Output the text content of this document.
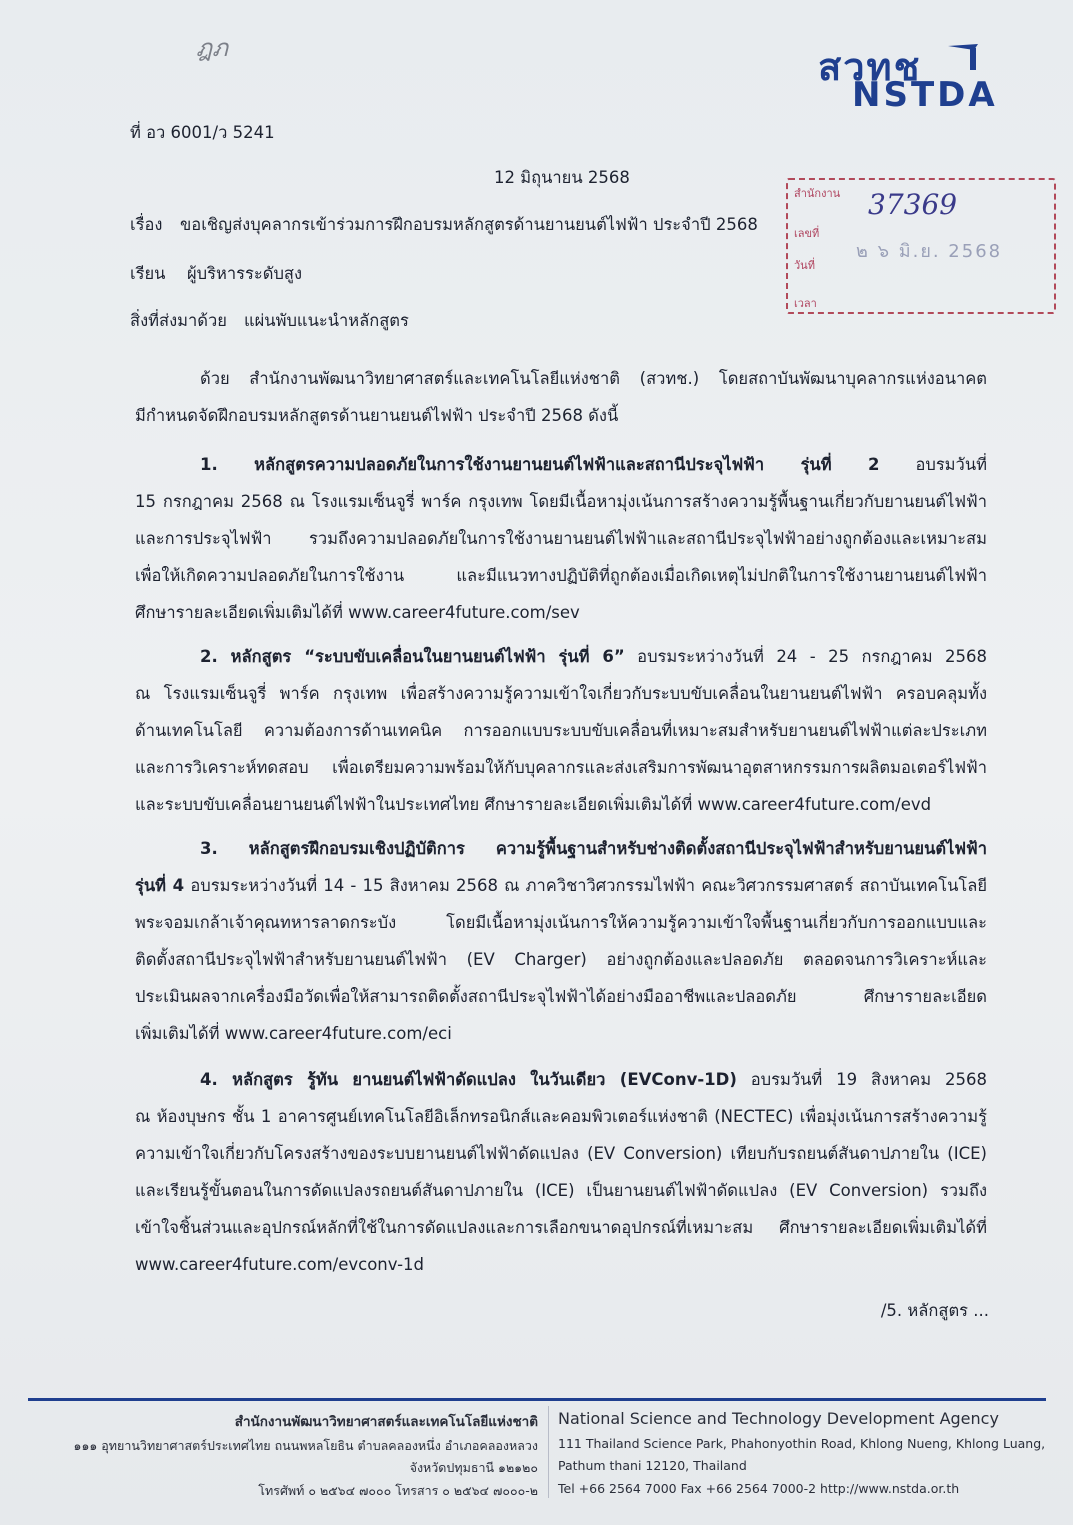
ฎภ	สวทช
NSTDA
สำนักงาน 37369
เลขที่
วันที่
๒ ๖ มิ.ย. 2568
เวลา
ที่ อว 6001/ว 5241
12 มิถุนายน 2568
เรื่อง ขอเชิญส่งบุคลากรเข้าร่วมการฝึกอบรมหลักสูตรด้านยานยนต์ไฟฟ้า ประจำปี 2568
เรียน ผู้บริหารระดับสูง
สิ่งที่ส่งมาด้วย แผ่นพับแนะนำหลักสูตร
ด้วย สำนักงานพัฒนาวิทยาศาสตร์และเทคโนโลยีแห่งชาติ (สวทช.) โดยสถาบันพัฒนาบุคลากรแห่งอนาคต
มีกำหนดจัดฝึกอบรมหลักสูตรด้านยานยนต์ไฟฟ้า ประจำปี 2568 ดังนี้
1. หลักสูตรความปลอดภัยในการใช้งานยานยนต์ไฟฟ้าและสถานีประจุไฟฟ้า รุ่นที่ 2 อบรมวันที่
15 กรกฎาคม 2568 ณ โรงแรมเซ็นจูรี่ พาร์ค กรุงเทพ โดยมีเนื้อหามุ่งเน้นการสร้างความรู้พื้นฐานเกี่ยวกับยานยนต์ไฟฟ้า
และการประจุไฟฟ้า รวมถึงความปลอดภัยในการใช้งานยานยนต์ไฟฟ้าและสถานีประจุไฟฟ้าอย่างถูกต้องและเหมาะสม
เพื่อให้เกิดความปลอดภัยในการใช้งาน และมีแนวทางปฏิบัติที่ถูกต้องเมื่อเกิดเหตุไม่ปกติในการใช้งานยานยนต์ไฟฟ้า
ศึกษารายละเอียดเพิ่มเติมได้ที่ www.career4future.com/sev
2. หลักสูตร “ระบบขับเคลื่อนในยานยนต์ไฟฟ้า รุ่นที่ 6” อบรมระหว่างวันที่ 24 - 25 กรกฎาคม 2568
ณ โรงแรมเซ็นจูรี่ พาร์ค กรุงเทพ เพื่อสร้างความรู้ความเข้าใจเกี่ยวกับระบบขับเคลื่อนในยานยนต์ไฟฟ้า ครอบคลุมทั้ง
ด้านเทคโนโลยี ความต้องการด้านเทคนิค การออกแบบระบบขับเคลื่อนที่เหมาะสมสำหรับยานยนต์ไฟฟ้าแต่ละประเภท
และการวิเคราะห์ทดสอบ เพื่อเตรียมความพร้อมให้กับบุคลากรและส่งเสริมการพัฒนาอุตสาหกรรมการผลิตมอเตอร์ไฟฟ้า
และระบบขับเคลื่อนยานยนต์ไฟฟ้าในประเทศไทย ศึกษารายละเอียดเพิ่มเติมได้ที่ www.career4future.com/evd
3. หลักสูตรฝึกอบรมเชิงปฏิบัติการ ความรู้พื้นฐานสำหรับช่างติดตั้งสถานีประจุไฟฟ้าสำหรับยานยนต์ไฟฟ้า
รุ่นที่ 4 อบรมระหว่างวันที่ 14 - 15 สิงหาคม 2568 ณ ภาควิชาวิศวกรรมไฟฟ้า คณะวิศวกรรมศาสตร์ สถาบันเทคโนโลยี
พระจอมเกล้าเจ้าคุณทหารลาดกระบัง โดยมีเนื้อหามุ่งเน้นการให้ความรู้ความเข้าใจพื้นฐานเกี่ยวกับการออกแบบและ
ติดตั้งสถานีประจุไฟฟ้าสำหรับยานยนต์ไฟฟ้า (EV Charger) อย่างถูกต้องและปลอดภัย ตลอดจนการวิเคราะห์และ
ประเมินผลจากเครื่องมือวัดเพื่อให้สามารถติดตั้งสถานีประจุไฟฟ้าได้อย่างมืออาชีพและปลอดภัย ศึกษารายละเอียด
เพิ่มเติมได้ที่ www.career4future.com/eci
4. หลักสูตร รู้ทัน ยานยนต์ไฟฟ้าดัดแปลง ในวันเดียว (EVConv-1D) อบรมวันที่ 19 สิงหาคม 2568
ณ ห้องบุษกร ชั้น 1 อาคารศูนย์เทคโนโลยีอิเล็กทรอนิกส์และคอมพิวเตอร์แห่งชาติ (NECTEC) เพื่อมุ่งเน้นการสร้างความรู้
ความเข้าใจเกี่ยวกับโครงสร้างของระบบยานยนต์ไฟฟ้าดัดแปลง (EV Conversion) เทียบกับรถยนต์สันดาปภายใน (ICE)
และเรียนรู้ขั้นตอนในการดัดแปลงรถยนต์สันดาปภายใน (ICE) เป็นยานยนต์ไฟฟ้าดัดแปลง (EV Conversion) รวมถึง
เข้าใจชิ้นส่วนและอุปกรณ์หลักที่ใช้ในการดัดแปลงและการเลือกขนาดอุปกรณ์ที่เหมาะสม ศึกษารายละเอียดเพิ่มเติมได้ที่
www.career4future.com/evconv-1d
/5. หลักสูตร ...
สำนักงานพัฒนาวิทยาศาสตร์และเทคโนโลยีแห่งชาติ
๑๑๑ อุทยานวิทยาศาสตร์ประเทศไทย ถนนพหลโยธิน ตำบลคลองหนึ่ง อำเภอคลองหลวง
จังหวัดปทุมธานี ๑๒๑๒๐
โทรศัพท์ ๐ ๒๕๖๔ ๗๐๐๐ โทรสาร ๐ ๒๕๖๔ ๗๐๐๐-๒
National Science and Technology Development Agency
111 Thailand Science Park, Phahonyothin Road, Khlong Nueng, Khlong Luang,
Pathum thani 12120, Thailand
Tel +66 2564 7000 Fax +66 2564 7000-2 http://www.nstda.or.th
